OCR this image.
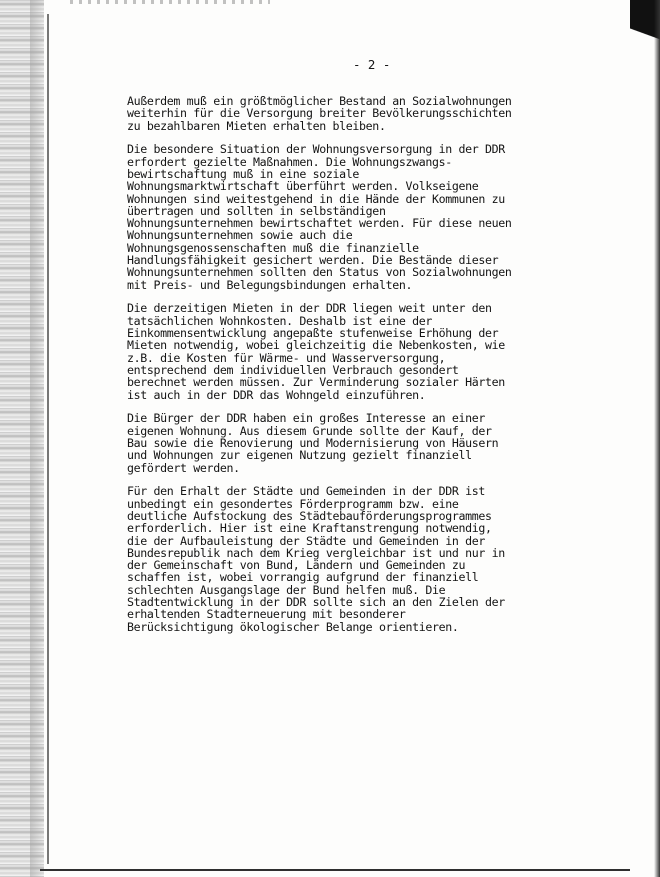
- 2 -
Außerdem muß ein größtmöglicher Bestand an Sozialwohnungen
weiterhin für die Versorgung breiter Bevölkerungsschichten
zu bezahlbaren Mieten erhalten bleiben.
Die besondere Situation der Wohnungsversorgung in der DDR
erfordert gezielte Maßnahmen. Die Wohnungszwangs-
bewirtschaftung muß in eine soziale
Wohnungsmarktwirtschaft überführt werden. Volkseigene
Wohnungen sind weitestgehend in die Hände der Kommunen zu
übertragen und sollten in selbständigen
Wohnungsunternehmen bewirtschaftet werden. Für diese neuen
Wohnungsunternehmen sowie auch die
Wohnungsgenossenschaften muß die finanzielle
Handlungsfähigkeit gesichert werden. Die Bestände dieser
Wohnungsunternehmen sollten den Status von Sozialwohnungen
mit Preis- und Belegungsbindungen erhalten.
Die derzeitigen Mieten in der DDR liegen weit unter den
tatsächlichen Wohnkosten. Deshalb ist eine der
Einkommensentwicklung angepaßte stufenweise Erhöhung der
Mieten notwendig, wobei gleichzeitig die Nebenkosten, wie
z.B. die Kosten für Wärme- und Wasserversorgung,
entsprechend dem individuellen Verbrauch gesondert
berechnet werden müssen. Zur Verminderung sozialer Härten
ist auch in der DDR das Wohngeld einzuführen.
Die Bürger der DDR haben ein großes Interesse an einer
eigenen Wohnung. Aus diesem Grunde sollte der Kauf, der
Bau sowie die Renovierung und Modernisierung von Häusern
und Wohnungen zur eigenen Nutzung gezielt finanziell
gefördert werden.
Für den Erhalt der Städte und Gemeinden in der DDR ist
unbedingt ein gesondertes Förderprogramm bzw. eine
deutliche Aufstockung des Städtebauförderungsprogrammes
erforderlich. Hier ist eine Kraftanstrengung notwendig,
die der Aufbauleistung der Städte und Gemeinden in der
Bundesrepublik nach dem Krieg vergleichbar ist und nur in
der Gemeinschaft von Bund, Ländern und Gemeinden zu
schaffen ist, wobei vorrangig aufgrund der finanziell
schlechten Ausgangslage der Bund helfen muß. Die
Stadtentwicklung in der DDR sollte sich an den Zielen der
erhaltenden Stadterneuerung mit besonderer
Berücksichtigung ökologischer Belange orientieren.
